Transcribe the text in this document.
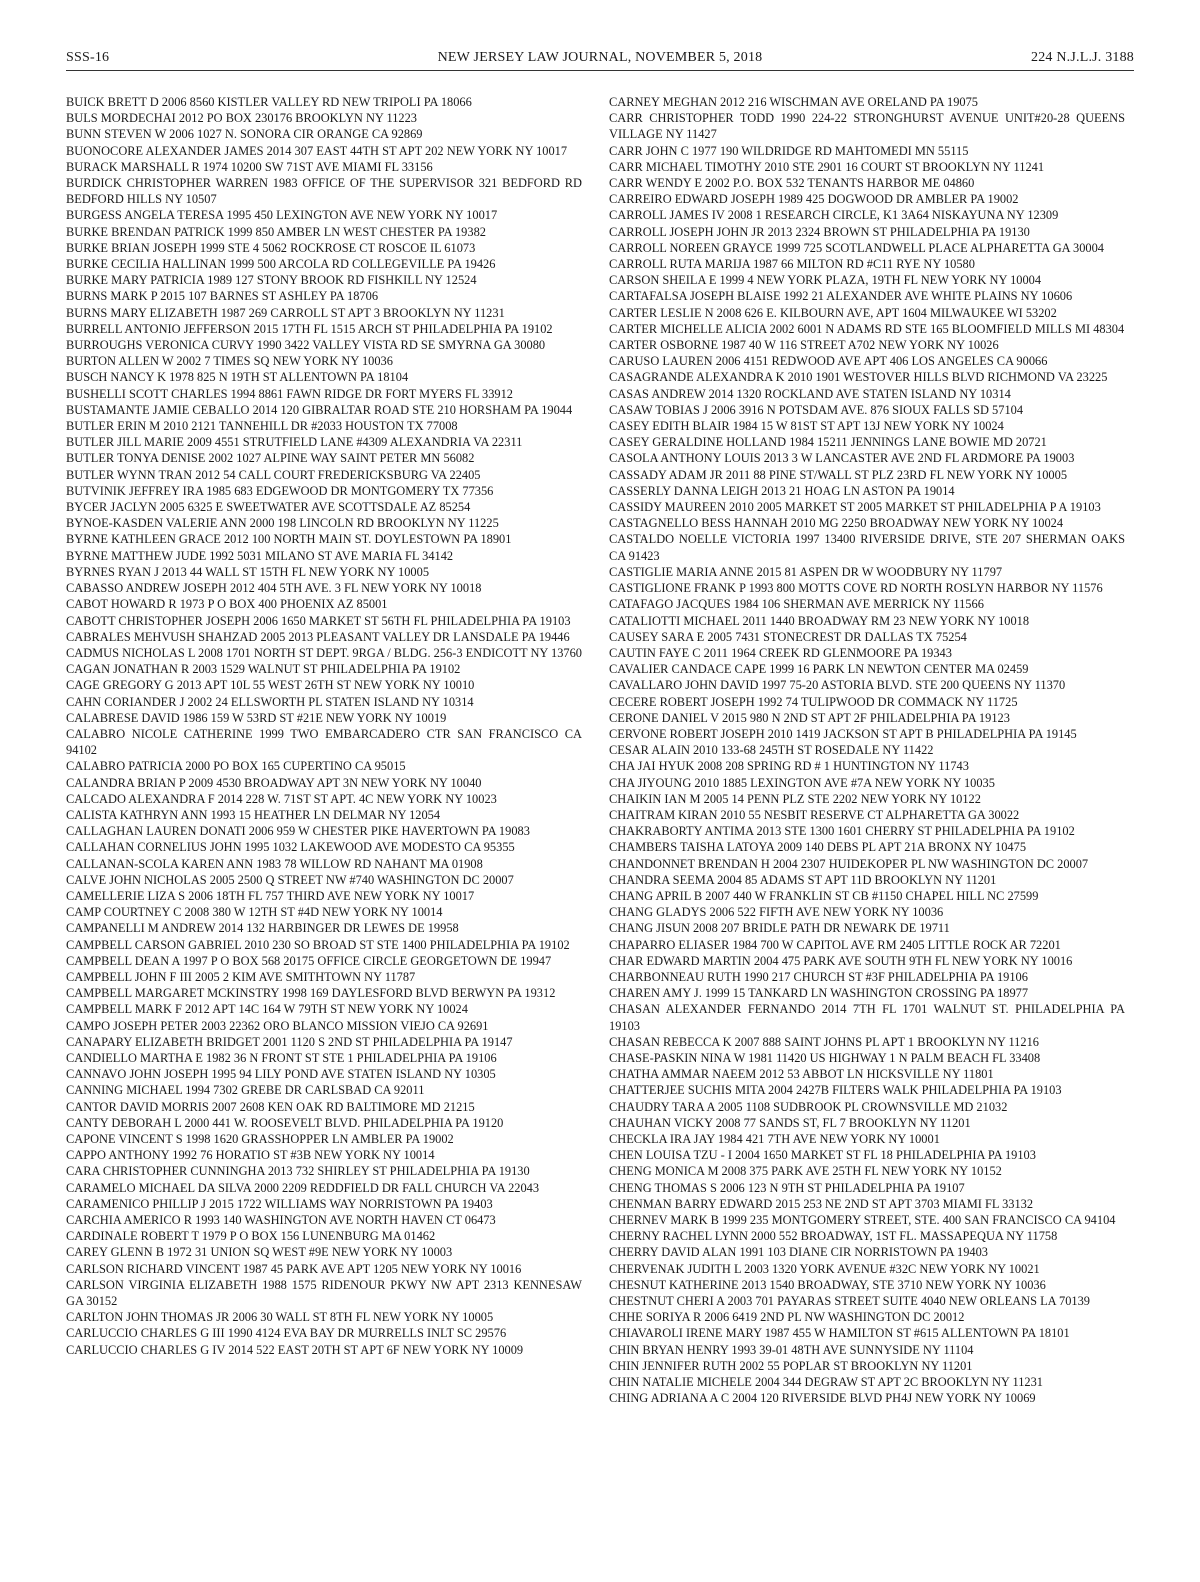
SSS-16	NEW JERSEY LAW JOURNAL, NOVEMBER 5, 2018	224 N.J.L.J. 3188

BUICK BRETT D 2006 8560 KISTLER VALLEY RD NEW TRIPOLI PA 18066

BULS MORDECHAI 2012 PO BOX 230176 BROOKLYN NY 11223

BUNN STEVEN W 2006 1027 N. SONORA CIR ORANGE CA 92869

BUONOCORE ALEXANDER JAMES 2014 307 EAST 44TH ST APT 202 NEW YORK NY 10017

BURACK MARSHALL R 1974 10200 SW 71ST AVE MIAMI FL 33156

BURDICK CHRISTOPHER WARREN 1983 OFFICE OF THE SUPERVISOR 321 BEDFORD RD BEDFORD HILLS NY 10507

BURGESS ANGELA TERESA 1995 450 LEXINGTON AVE NEW YORK NY 10017

BURKE BRENDAN PATRICK 1999 850 AMBER LN WEST CHESTER PA 19382

BURKE BRIAN JOSEPH 1999 STE 4 5062 ROCKROSE CT ROSCOE IL 61073

BURKE CECILIA HALLINAN 1999 500 ARCOLA RD COLLEGEVILLE PA 19426

BURKE MARY PATRICIA 1989 127 STONY BROOK RD FISHKILL NY 12524

BURNS MARK P 2015 107 BARNES ST ASHLEY PA 18706

BURNS MARY ELIZABETH 1987 269 CARROLL ST APT 3 BROOKLYN NY 11231

BURRELL ANTONIO JEFFERSON 2015 17TH FL 1515 ARCH ST PHILADELPHIA PA 19102

BURROUGHS VERONICA CURVY 1990 3422 VALLEY VISTA RD SE SMYRNA GA 30080

BURTON ALLEN W 2002 7 TIMES SQ NEW YORK NY 10036

BUSCH NANCY K 1978 825 N 19TH ST ALLENTOWN PA 18104

BUSHELLI SCOTT CHARLES 1994 8861 FAWN RIDGE DR FORT MYERS FL 33912

BUSTAMANTE JAMIE CEBALLO 2014 120 GIBRALTAR ROAD STE 210 HORSHAM PA 19044

BUTLER ERIN M 2010 2121 TANNEHILL DR #2033 HOUSTON TX 77008

BUTLER JILL MARIE 2009 4551 STRUTFIELD LANE #4309 ALEXANDRIA VA 22311

BUTLER TONYA DENISE 2002 1027 ALPINE WAY SAINT PETER MN 56082

BUTLER WYNN TRAN 2012 54 CALL COURT FREDERICKSBURG VA 22405

BUTVINIK JEFFREY IRA 1985 683 EDGEWOOD DR MONTGOMERY TX 77356

BYCER JACLYN 2005 6325 E SWEETWATER AVE SCOTTSDALE AZ 85254

BYNOE-KASDEN VALERIE ANN 2000 198 LINCOLN RD BROOKLYN NY 11225

BYRNE KATHLEEN GRACE 2012 100 NORTH MAIN ST. DOYLESTOWN PA 18901

BYRNE MATTHEW JUDE 1992 5031 MILANO ST AVE MARIA FL 34142

BYRNES RYAN J 2013 44 WALL ST 15TH FL NEW YORK NY 10005

CABASSO ANDREW JOSEPH 2012 404 5TH AVE. 3 FL NEW YORK NY 10018

CABOT HOWARD R 1973 P O BOX 400 PHOENIX AZ 85001

CABOTT CHRISTOPHER JOSEPH 2006 1650 MARKET ST 56TH FL PHILADELPHIA PA 19103

CABRALES MEHVUSH SHAHZAD 2005 2013 PLEASANT VALLEY DR LANSDALE PA 19446

CADMUS NICHOLAS L 2008 1701 NORTH ST DEPT. 9RGA / BLDG. 256-3 ENDICOTT NY 13760

CAGAN JONATHAN R 2003 1529 WALNUT ST PHILADELPHIA PA 19102

CAGE GREGORY G 2013 APT 10L 55 WEST 26TH ST NEW YORK NY 10010

CAHN CORIANDER J 2002 24 ELLSWORTH PL STATEN ISLAND NY 10314

CALABRESE DAVID 1986 159 W 53RD ST #21E NEW YORK NY 10019

CALABRO NICOLE CATHERINE 1999 TWO EMBARCADERO CTR SAN FRANCISCO CA 94102

CALABRO PATRICIA 2000 PO BOX 165 CUPERTINO CA 95015

CALANDRA BRIAN P 2009 4530 BROADWAY APT 3N NEW YORK NY 10040

CALCADO ALEXANDRA F 2014 228 W. 71ST ST APT. 4C NEW YORK NY 10023

CALISTA KATHRYN ANN 1993 15 HEATHER LN DELMAR NY 12054

CALLAGHAN LAUREN DONATI 2006 959 W CHESTER PIKE HAVERTOWN PA 19083

CALLAHAN CORNELIUS JOHN 1995 1032 LAKEWOOD AVE MODESTO CA 95355

CALLANAN-SCOLA KAREN ANN 1983 78 WILLOW RD NAHANT MA 01908

CALVE JOHN NICHOLAS 2005 2500 Q STREET NW #740 WASHINGTON DC 20007

CAMELLERIE LIZA S 2006 18TH FL 757 THIRD AVE NEW YORK NY 10017

CAMP COURTNEY C 2008 380 W 12TH ST #4D NEW YORK NY 10014

CAMPANELLI M ANDREW 2014 132 HARBINGER DR LEWES DE 19958

CAMPBELL CARSON GABRIEL 2010 230 SO BROAD ST STE 1400 PHILADELPHIA PA 19102

CAMPBELL DEAN A 1997 P O BOX 568 20175 OFFICE CIRCLE GEORGETOWN DE 19947

CAMPBELL JOHN F III 2005 2 KIM AVE SMITHTOWN NY 11787

CAMPBELL MARGARET MCKINSTRY 1998 169 DAYLESFORD BLVD BERWYN PA 19312

CAMPBELL MARK F 2012 APT 14C 164 W 79TH ST NEW YORK NY 10024

CAMPO JOSEPH PETER 2003 22362 ORO BLANCO MISSION VIEJO CA 92691

CANAPARY ELIZABETH BRIDGET 2001 1120 S 2ND ST PHILADELPHIA PA 19147

CANDIELLO MARTHA E 1982 36 N FRONT ST STE 1 PHILADELPHIA PA 19106

CANNAVO JOHN JOSEPH 1995 94 LILY POND AVE STATEN ISLAND NY 10305

CANNING MICHAEL 1994 7302 GREBE DR CARLSBAD CA 92011

CANTOR DAVID MORRIS 2007 2608 KEN OAK RD BALTIMORE MD 21215

CANTY DEBORAH L 2000 441 W. ROOSEVELT BLVD. PHILADELPHIA PA 19120

CAPONE VINCENT S 1998 1620 GRASSHOPPER LN AMBLER PA 19002

CAPPO ANTHONY 1992 76 HORATIO ST #3B NEW YORK NY 10014

CARA CHRISTOPHER CUNNINGHA 2013 732 SHIRLEY ST PHILADELPHIA PA 19130

CARAMELO MICHAEL DA SILVA 2000 2209 REDDFIELD DR FALL CHURCH VA 22043

CARAMENICO PHILLIP J 2015 1722 WILLIAMS WAY NORRISTOWN PA 19403

CARCHIA AMERICO R 1993 140 WASHINGTON AVE NORTH HAVEN CT 06473

CARDINALE ROBERT T 1979 P O BOX 156 LUNENBURG MA 01462

CAREY GLENN B 1972 31 UNION SQ WEST #9E NEW YORK NY 10003

CARLSON RICHARD VINCENT 1987 45 PARK AVE APT 1205 NEW YORK NY 10016

CARLSON VIRGINIA ELIZABETH 1988 1575 RIDENOUR PKWY NW APT 2313 KENNESAW GA 30152

CARLTON JOHN THOMAS JR 2006 30 WALL ST 8TH FL NEW YORK NY 10005

CARLUCCIO CHARLES G III 1990 4124 EVA BAY DR MURRELLS INLT SC 29576

CARLUCCIO CHARLES G IV 2014 522 EAST 20TH ST APT 6F NEW YORK NY 10009

CARNEY MEGHAN 2012 216 WISCHMAN AVE ORELAND PA 19075

CARR CHRISTOPHER TODD 1990 224-22 STRONGHURST AVENUE UNIT#20-28 QUEENS VILLAGE NY 11427

CARR JOHN C 1977 190 WILDRIDGE RD MAHTOMEDI MN 55115

CARR MICHAEL TIMOTHY 2010 STE 2901 16 COURT ST BROOKLYN NY 11241

CARR WENDY E 2002 P.O. BOX 532 TENANTS HARBOR ME 04860

CARREIRO EDWARD JOSEPH 1989 425 DOGWOOD DR AMBLER PA 19002

CARROLL JAMES IV 2008 1 RESEARCH CIRCLE, K1 3A64 NISKAYUNA NY 12309

CARROLL JOSEPH JOHN JR 2013 2324 BROWN ST PHILADELPHIA PA 19130

CARROLL NOREEN GRAYCE 1999 725 SCOTLANDWELL PLACE ALPHARETTA GA 30004

CARROLL RUTA MARIJA 1987 66 MILTON RD #C11 RYE NY 10580

CARSON SHEILA E 1999 4 NEW YORK PLAZA, 19TH FL NEW YORK NY 10004

CARTAFALSA JOSEPH BLAISE 1992 21 ALEXANDER AVE WHITE PLAINS NY 10606

CARTER LESLIE N 2008 626 E. KILBOURN AVE, APT 1604 MILWAUKEE WI 53202

CARTER MICHELLE ALICIA 2002 6001 N ADAMS RD STE 165 BLOOMFIELD MILLS MI 48304

CARTER OSBORNE 1987 40 W 116 STREET A702 NEW YORK NY 10026

CARUSO LAUREN 2006 4151 REDWOOD AVE APT 406 LOS ANGELES CA 90066

CASAGRANDE ALEXANDRA K 2010 1901 WESTOVER HILLS BLVD RICHMOND VA 23225

CASAS ANDREW 2014 1320 ROCKLAND AVE STATEN ISLAND NY 10314

CASAW TOBIAS J 2006 3916 N POTSDAM AVE. 876 SIOUX FALLS SD 57104

CASEY EDITH BLAIR 1984 15 W 81ST ST APT 13J NEW YORK NY 10024

CASEY GERALDINE HOLLAND 1984 15211 JENNINGS LANE BOWIE MD 20721

CASOLA ANTHONY LOUIS 2013 3 W LANCASTER AVE 2ND FL ARDMORE PA 19003

CASSADY ADAM JR 2011 88 PINE ST/WALL ST PLZ 23RD FL NEW YORK NY 10005

CASSERLY DANNA LEIGH 2013 21 HOAG LN ASTON PA 19014

CASSIDY MAUREEN 2010 2005 MARKET ST 2005 MARKET ST PHILADELPHIA P A 19103

CASTAGNELLO BESS HANNAH 2010 MG 2250 BROADWAY NEW YORK NY 10024

CASTALDO NOELLE VICTORIA 1997 13400 RIVERSIDE DRIVE, STE 207 SHERMAN OAKS CA 91423

CASTIGLIE MARIA ANNE 2015 81 ASPEN DR W WOODBURY NY 11797

CASTIGLIONE FRANK P 1993 800 MOTTS COVE RD NORTH ROSLYN HARBOR NY 11576

CATAFAGO JACQUES 1984 106 SHERMAN AVE MERRICK NY 11566

CATALIOTTI MICHAEL 2011 1440 BROADWAY RM 23 NEW YORK NY 10018

CAUSEY SARA E 2005 7431 STONECREST DR DALLAS TX 75254

CAUTIN FAYE C 2011 1964 CREEK RD GLENMOORE PA 19343

CAVALIER CANDACE CAPE 1999 16 PARK LN NEWTON CENTER MA 02459

CAVALLARO JOHN DAVID 1997 75-20 ASTORIA BLVD. STE 200 QUEENS NY 11370

CECERE ROBERT JOSEPH 1992 74 TULIPWOOD DR COMMACK NY 11725

CERONE DANIEL V 2015 980 N 2ND ST APT 2F PHILADELPHIA PA 19123

CERVONE ROBERT JOSEPH 2010 1419 JACKSON ST APT B PHILADELPHIA PA 19145

CESAR ALAIN 2010 133-68 245TH ST ROSEDALE NY 11422

CHA JAI HYUK 2008 208 SPRING RD # 1 HUNTINGTON NY 11743

CHA JIYOUNG 2010 1885 LEXINGTON AVE #7A NEW YORK NY 10035

CHAIKIN IAN M 2005 14 PENN PLZ STE 2202 NEW YORK NY 10122

CHAITRAM KIRAN 2010 55 NESBIT RESERVE CT ALPHARETTA GA 30022

CHAKRABORTY ANTIMA 2013 STE 1300 1601 CHERRY ST PHILADELPHIA PA 19102

CHAMBERS TAISHA LATOYA 2009 140 DEBS PL APT 21A BRONX NY 10475

CHANDONNET BRENDAN H 2004 2307 HUIDEKOPER PL NW WASHINGTON DC 20007

CHANDRA SEEMA 2004 85 ADAMS ST APT 11D BROOKLYN NY 11201

CHANG APRIL B 2007 440 W FRANKLIN ST CB #1150 CHAPEL HILL NC 27599

CHANG GLADYS 2006 522 FIFTH AVE NEW YORK NY 10036

CHANG JISUN 2008 207 BRIDLE PATH DR NEWARK DE 19711

CHAPARRO ELIASER 1984 700 W CAPITOL AVE RM 2405 LITTLE ROCK AR 72201

CHAR EDWARD MARTIN 2004 475 PARK AVE SOUTH 9TH FL NEW YORK NY 10016

CHARBONNEAU RUTH 1990 217 CHURCH ST #3F PHILADELPHIA PA 19106

CHAREN AMY J. 1999 15 TANKARD LN WASHINGTON CROSSING PA 18977

CHASAN ALEXANDER FERNANDO 2014 7TH FL 1701 WALNUT ST. PHILADELPHIA PA 19103

CHASAN REBECCA K 2007 888 SAINT JOHNS PL APT 1 BROOKLYN NY 11216

CHASE-PASKIN NINA W 1981 11420 US HIGHWAY 1 N PALM BEACH FL 33408

CHATHA AMMAR NAEEM 2012 53 ABBOT LN HICKSVILLE NY 11801

CHATTERJEE SUCHIS MITA 2004 2427B FILTERS WALK PHILADELPHIA PA 19103

CHAUDRY TARA A 2005 1108 SUDBROOK PL CROWNSVILLE MD 21032

CHAUHAN VICKY 2008 77 SANDS ST, FL 7 BROOKLYN NY 11201

CHECKLA IRA JAY 1984 421 7TH AVE NEW YORK NY 10001

CHEN LOUISA TZU - I 2004 1650 MARKET ST FL 18 PHILADELPHIA PA 19103

CHENG MONICA M 2008 375 PARK AVE 25TH FL NEW YORK NY 10152

CHENG THOMAS S 2006 123 N 9TH ST PHILADELPHIA PA 19107

CHENMAN BARRY EDWARD 2015 253 NE 2ND ST APT 3703 MIAMI FL 33132

CHERNEV MARK B 1999 235 MONTGOMERY STREET, STE. 400 SAN FRANCISCO CA 94104

CHERNY RACHEL LYNN 2000 552 BROADWAY, 1ST FL. MASSAPEQUA NY 11758

CHERRY DAVID ALAN 1991 103 DIANE CIR NORRISTOWN PA 19403

CHERVENAK JUDITH L 2003 1320 YORK AVENUE #32C NEW YORK NY 10021

CHESNUT KATHERINE 2013 1540 BROADWAY, STE 3710 NEW YORK NY 10036

CHESTNUT CHERI A 2003 701 PAYARAS STREET SUITE 4040 NEW ORLEANS LA 70139

CHHE SORIYA R 2006 6419 2ND PL NW WASHINGTON DC 20012

CHIAVAROLI IRENE MARY 1987 455 W HAMILTON ST #615 ALLENTOWN PA 18101

CHIN BRYAN HENRY 1993 39-01 48TH AVE SUNNYSIDE NY 11104

CHIN JENNIFER RUTH 2002 55 POPLAR ST BROOKLYN NY 11201

CHIN NATALIE MICHELE 2004 344 DEGRAW ST APT 2C BROOKLYN NY 11231

CHING ADRIANA A C 2004 120 RIVERSIDE BLVD PH4J NEW YORK NY 10069
